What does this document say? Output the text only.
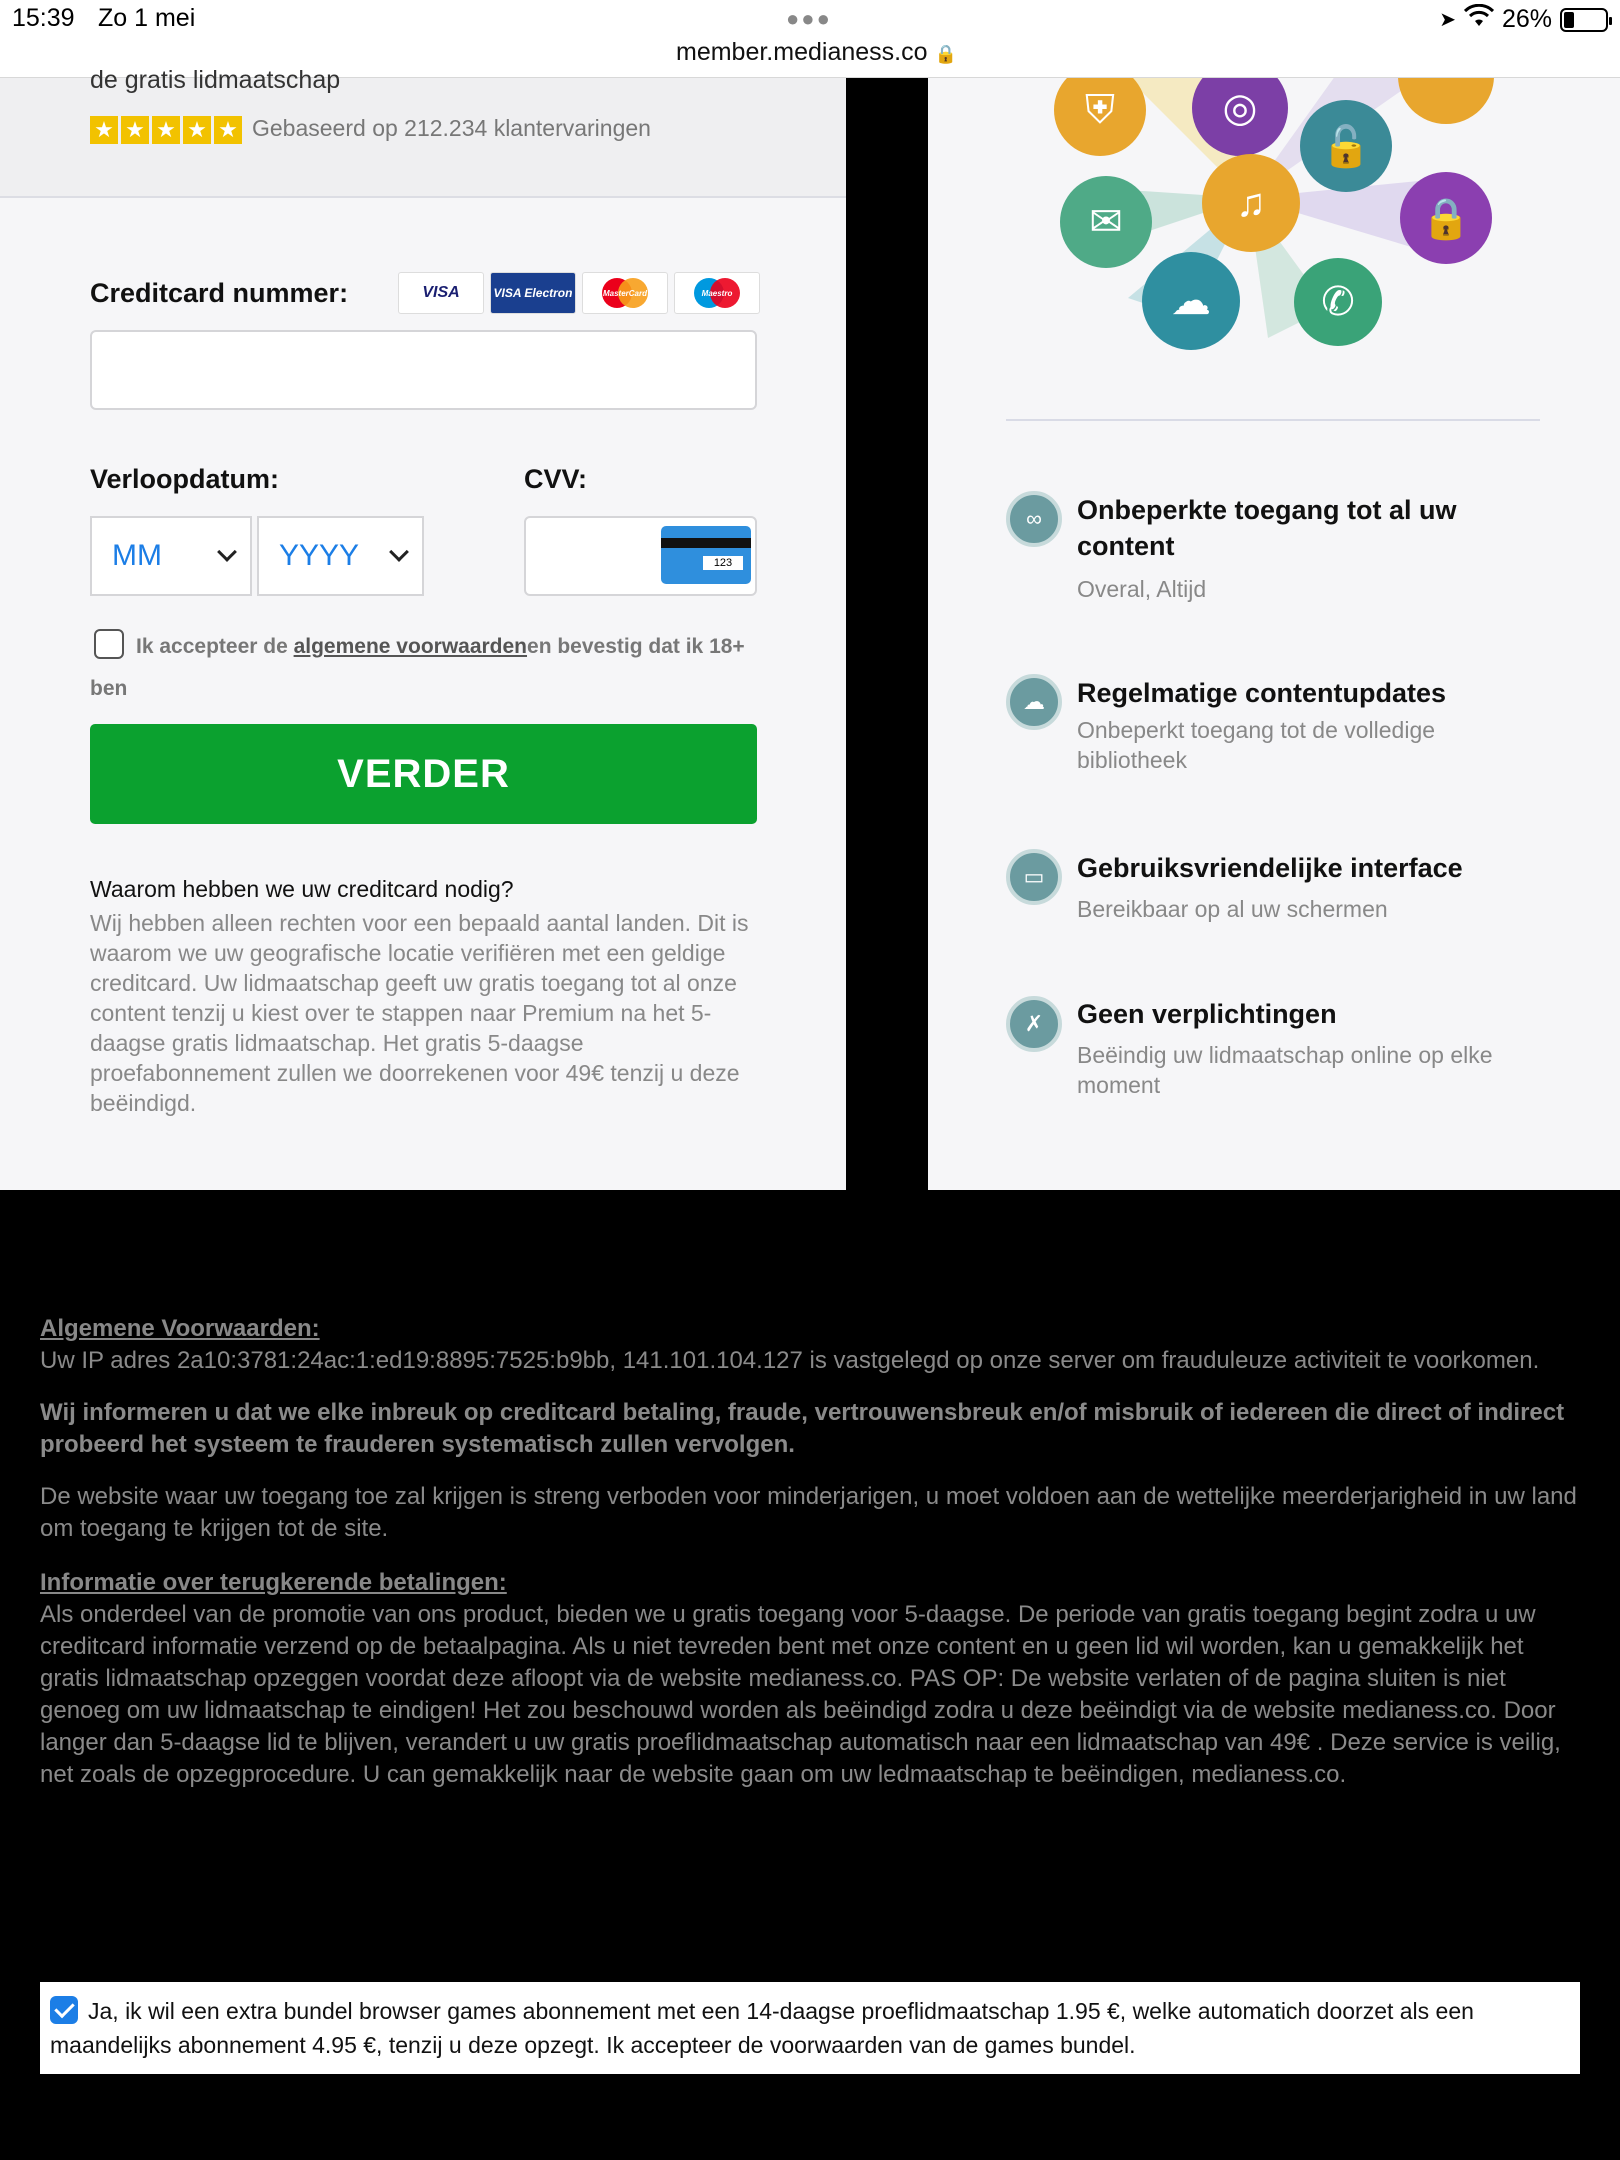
15:39 Zo 1 mei	●●●
member.medianess.co 🔒
➤ 26%
de gratis lidmaatschap
★ ★ ★ ★ ★ Gebaseerd op 212.234 klantervaringen
Creditcard nummer:	VISA	VISA Electron	MasterCard	Maestro
Verloopdatum:
MM	YYYY
CVV:
123
Ik accepteer de algemene voorwaardenen bevestig dat ik 18+ ben
VERDER
Waarom hebben we uw creditcard nodig?
Wij hebben alleen rechten voor een bepaald aantal landen. Dit is waarom we uw geografische locatie verifiëren met een geldige creditcard. Uw lidmaatschap geeft uw gratis toegang tot al onze content tenzij u kiest over te stappen naar Premium na het 5-daagse gratis lidmaatschap. Het gratis 5-daagse proefabonnement zullen we doorrekenen voor 49€ tenzij u deze beëindigd.
⛨	◎
🔓
🔒
✉	♫
☁	✆
∞	Onbeperkte toegang tot al uw content
Overal, Altijd
☁	Regelmatige contentupdates
Onbeperkt toegang tot de volledige bibliotheek
▭	Gebruiksvriendelijke interface
Bereikbaar op al uw schermen
✗	Geen verplichtingen
Beëindig uw lidmaatschap online op elke moment
Algemene Voorwaarden:
Uw IP adres 2a10:3781:24ac:1:ed19:8895:7525:b9bb, 141.101.104.127 is vastgelegd op onze server om frauduleuze activiteit te voorkomen.
Wij informeren u dat we elke inbreuk op creditcard betaling, fraude, vertrouwensbreuk en/of misbruik of iedereen die direct of indirect probeerd het systeem te frauderen systematisch zullen vervolgen.
De website waar uw toegang toe zal krijgen is streng verboden voor minderjarigen, u moet voldoen aan de wettelijke meerderjarigheid in uw land om toegang te krijgen tot de site.
Informatie over terugkerende betalingen:
Als onderdeel van de promotie van ons product, bieden we u gratis toegang voor 5-daagse. De periode van gratis toegang begint zodra u uw creditcard informatie verzend op de betaalpagina. Als u niet tevreden bent met onze content en u geen lid wil worden, kan u gemakkelijk het gratis lidmaatschap opzeggen voordat deze afloopt via de website medianess.co. PAS OP: De website verlaten of de pagina sluiten is niet genoeg om uw lidmaatschap te eindigen! Het zou beschouwd worden als beëindigd zodra u deze beëindigt via de website medianess.co. Door langer dan 5-daagse lid te blijven, verandert u uw gratis proeflidmaatschap automatisch naar een lidmaatschap van 49€ . Deze service is veilig, net zoals de opzegprocedure. U can gemakkelijk naar de website gaan om uw ledmaatschap te beëindigen, medianess.co.
Ja, ik wil een extra bundel browser games abonnement met een 14-daagse proeflidmaatschap 1.95 €, welke automatich doorzet als een maandelijks abonnement 4.95 €, tenzij u deze opzegt. Ik accepteer de voorwaarden van de games bundel.
